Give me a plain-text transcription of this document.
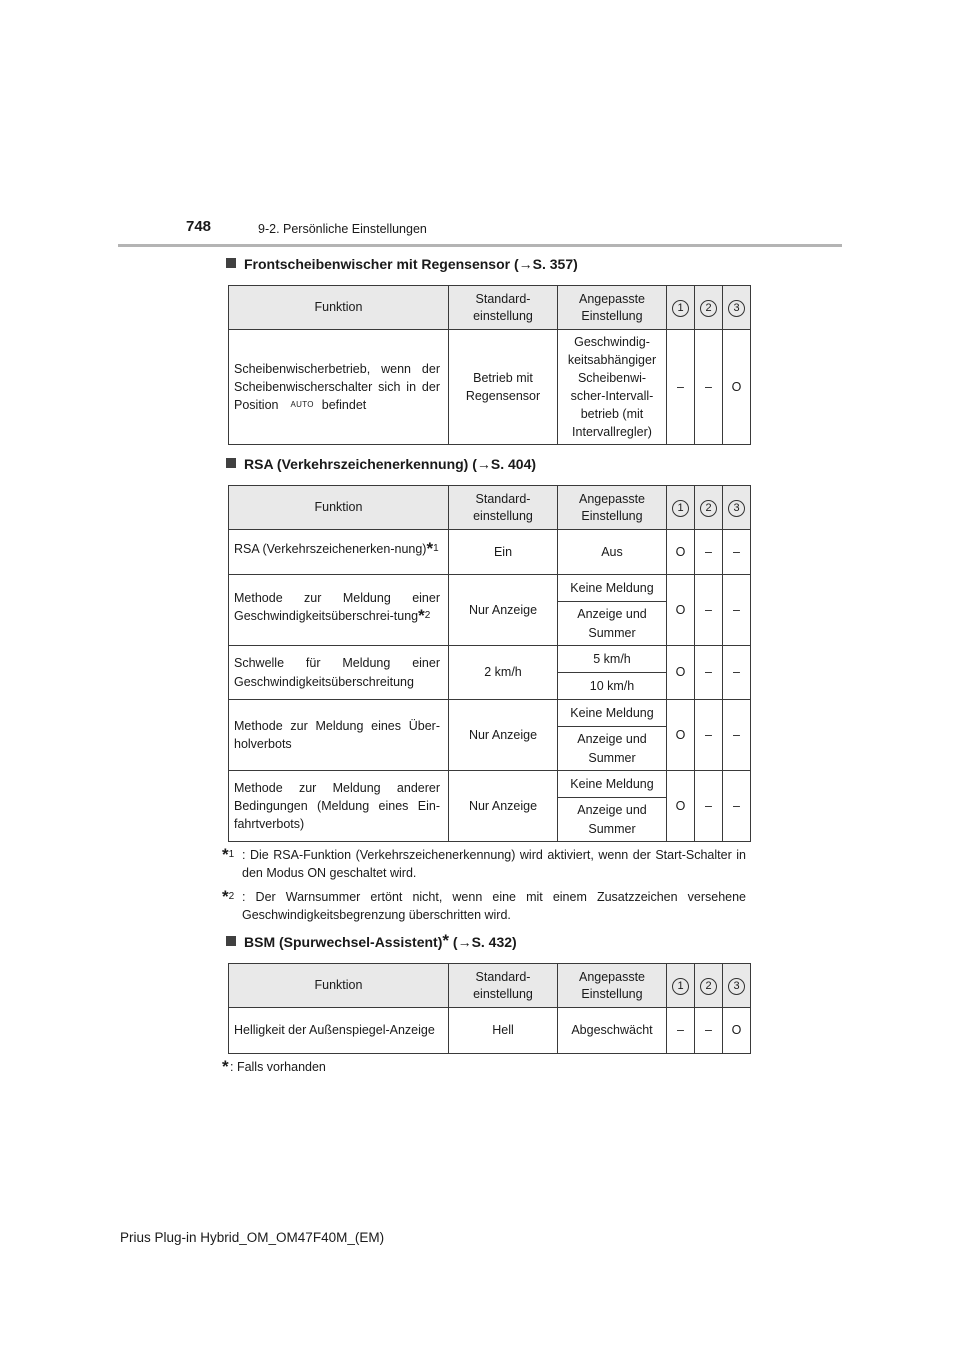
748	9-2. Persönliche Einstellungen
Frontscheibenwischer mit Regensensor (→S. 357)
Funktion	Standard-einstellung	Angepasste Einstellung	1	2	3
Scheibenwischerbetrieb, wenn der Scheibenwischerschalter sich in der Position AUTO befindet	Betrieb mit Regensensor	Geschwindig-keitsabhängiger Scheibenwi-scher-Intervall-betrieb (mit Intervallregler)	–	–	O
RSA (Verkehrszeichenerkennung) (→S. 404)
Funktion	Standard-einstellung	Angepasste Einstellung	1	2	3
RSA (Verkehrszeichenerken-nung)*$^1$	Ein	Aus	O	–	–
Methode zur Meldung einer Geschwindigkeitsüberschrei-tung*$^2$	Nur Anzeige	Keine Meldung	O	–	–
		Anzeige und Summer			
Schwelle für Meldung einer Geschwindigkeitsüberschreitung	2 km/h	5 km/h	O	–	–
		10 km/h			
Methode zur Meldung eines Über-holverbots	Nur Anzeige	Keine Meldung	O	–	–
		Anzeige und Summer			
Methode zur Meldung anderer Bedingungen (Meldung eines Ein-fahrtverbots)	Nur Anzeige	Keine Meldung	O	–	–
		Anzeige und Summer			
*$^1$ : Die RSA-Funktion (Verkehrszeichenerkennung) wird aktiviert, wenn der Start-Schalter in den Modus ON geschaltet wird.
*$^2$ : Der Warnsummer ertönt nicht, wenn eine mit einem Zusatzzeichen versehene Geschwindigkeitsbegrenzung überschritten wird.
BSM (Spurwechsel-Assistent)* (→S. 432)
Funktion	Standard-einstellung	Angepasste Einstellung	1	2	3
Helligkeit der Außenspiegel-Anzeige	Hell	Abgeschwächt	–	–	O
* : Falls vorhanden
Prius Plug-in Hybrid_OM_OM47F40M_(EM)
